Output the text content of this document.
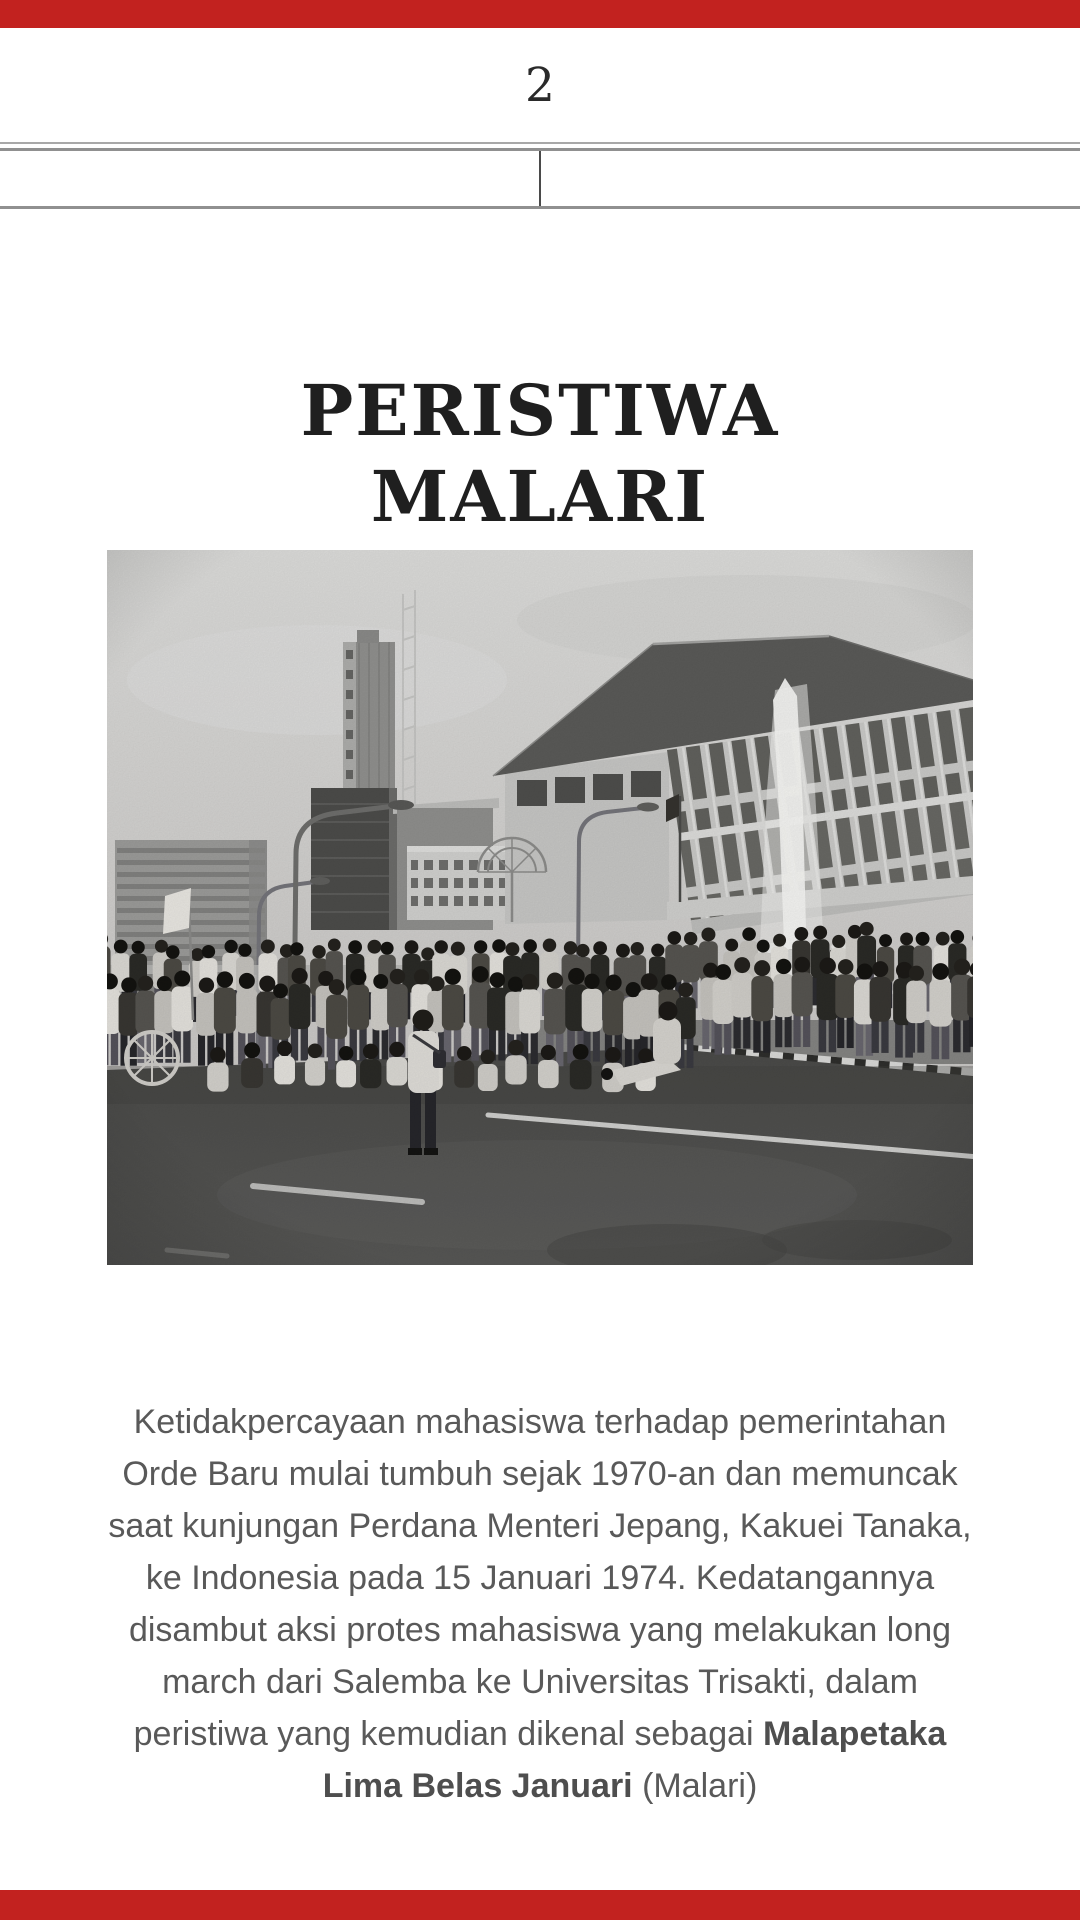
2
PERISTIWA
MALARI

Ketidakpercayaan mahasiswa terhadap pemerintahan Orde Baru mulai tumbuh sejak 1970-an dan memuncak saat kunjungan Perdana Menteri Jepang, Kakuei Tanaka, ke Indonesia pada 15 Januari 1974. Kedatangannya disambut aksi protes mahasiswa yang melakukan long march dari Salemba ke Universitas Trisakti, dalam peristiwa yang kemudian dikenal sebagai Malapetaka Lima Belas Januari (Malari)
